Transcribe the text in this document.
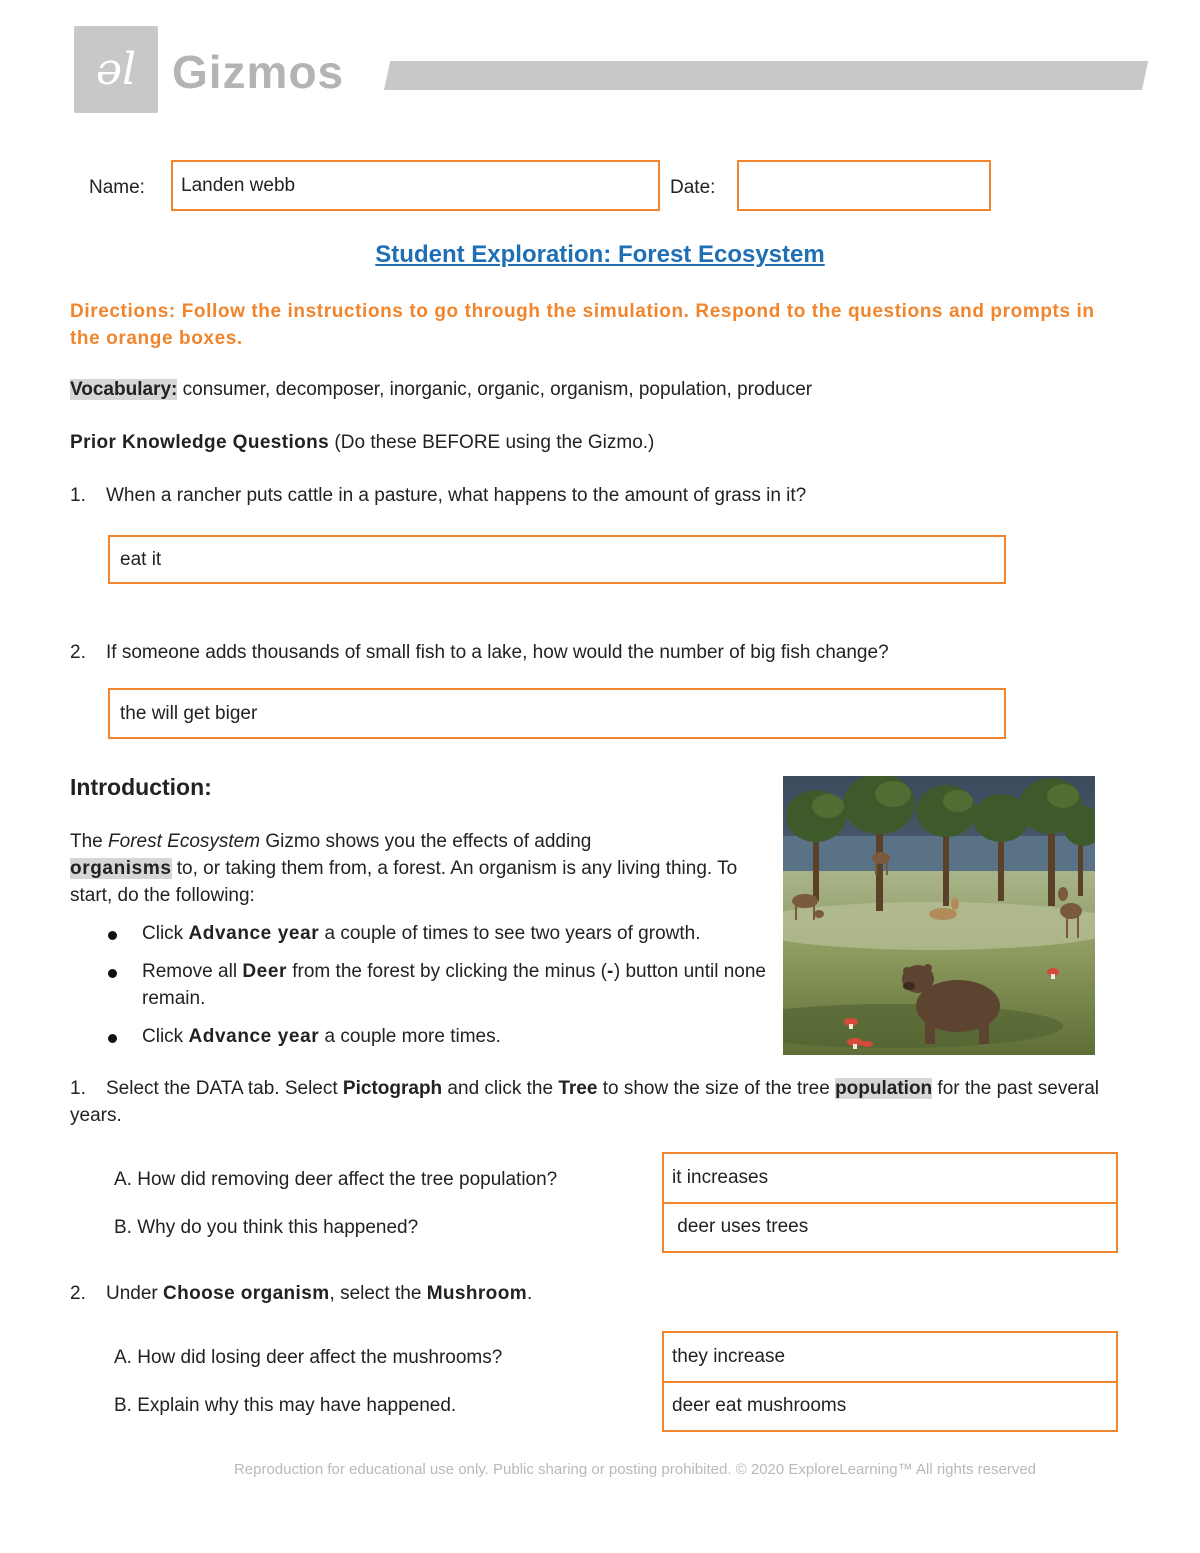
əl Gizmos
Name: Landen webb	Date:
Student Exploration: Forest Ecosystem
Directions: Follow the instructions to go through the simulation. Respond to the questions and prompts in the orange boxes.
Vocabulary: consumer, decomposer, inorganic, organic, organism, population, producer
Prior Knowledge Questions (Do these BEFORE using the Gizmo.)
1. When a rancher puts cattle in a pasture, what happens to the amount of grass in it?
eat it
2. If someone adds thousands of small fish to a lake, how would the number of big fish change?
the will get biger
Introduction:
The Forest Ecosystem Gizmo shows you the effects of adding
organisms to, or taking them from, a forest. An organism is any living thing. To start, do the following:
Click Advance year a couple of times to see two years of growth.
Remove all Deer from the forest by clicking the minus (-) button until none remain.
Click Advance year a couple more times.
1. Select the DATA tab. Select Pictograph and click the Tree to show the size of the tree population for the past several years.
A. How did removing deer affect the tree population?
B. Why do you think this happened?
it increases
deer uses trees
2. Under Choose organism, select the Mushroom.
A. How did losing deer affect the mushrooms?
B. Explain why this may have happened.
they increase
deer eat mushrooms
Reproduction for educational use only. Public sharing or posting prohibited. © 2020 ExploreLearning™ All rights reserved
